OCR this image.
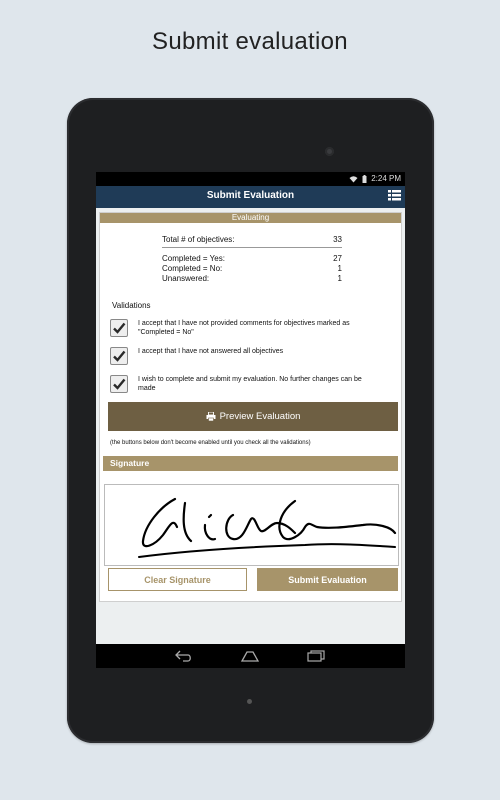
Submit evaluation
2:24 PM
Submit Evaluation
Evaluating
Total # of objectives:	33
Completed = Yes:	27
Completed = No:	1
Unanswered:	1
Validations
I accept that I have not provided comments for objectives marked as
"Completed = No"
I accept that I have not answered all objectives
I wish to complete and submit my evaluation. No further changes can be
made
Preview Evaluation
(the buttons below don't become enabled until you check all the validations)
Signature
Clear Signature	Submit Evaluation
